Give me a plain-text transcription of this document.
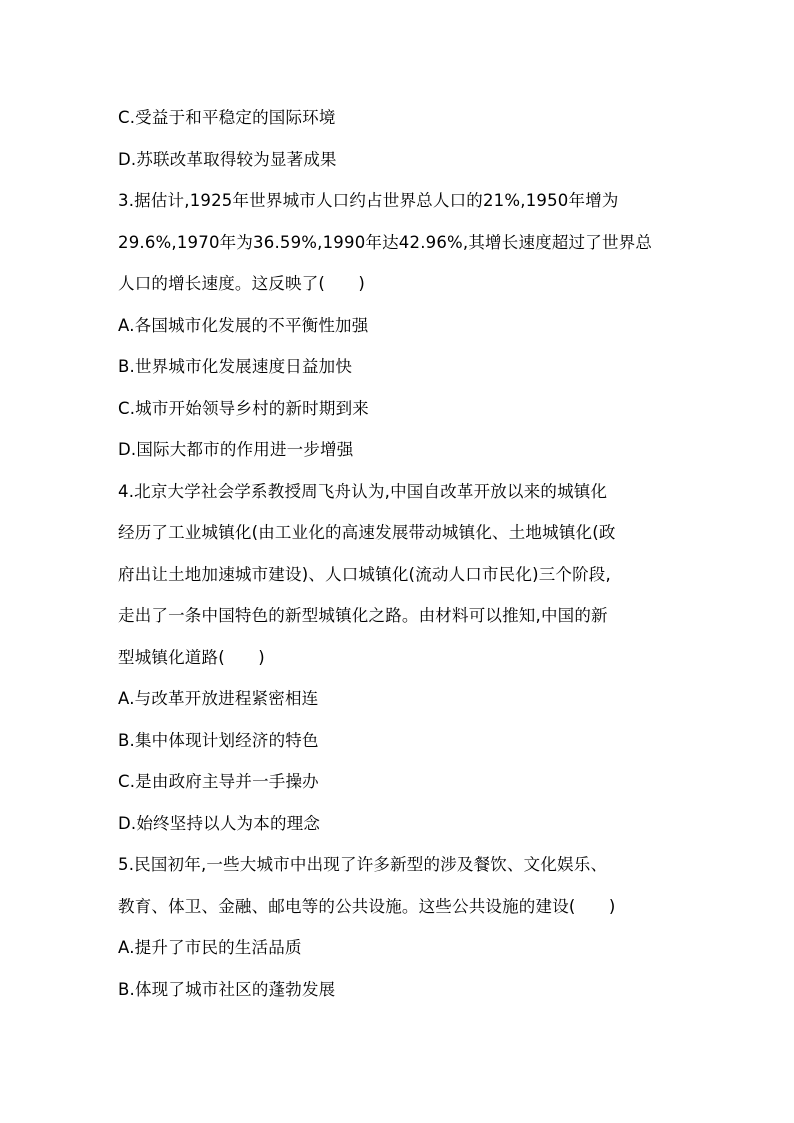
C.受益于和平稳定的国际环境
D.苏联改革取得较为显著成果
3.据估计,1925年世界城市人口约占世界总人口的21%,1950年增为
29.6%,1970年为36.59%,1990年达42.96%,其增长速度超过了世界总
人口的增长速度。这反映了(　　)
A.各国城市化发展的不平衡性加强
B.世界城市化发展速度日益加快
C.城市开始领导乡村的新时期到来
D.国际大都市的作用进一步增强
4.北京大学社会学系教授周飞舟认为,中国自改革开放以来的城镇化
经历了工业城镇化(由工业化的高速发展带动城镇化、土地城镇化(政
府出让土地加速城市建设)、人口城镇化(流动人口市民化)三个阶段,
走出了一条中国特色的新型城镇化之路。由材料可以推知,中国的新
型城镇化道路(　　)
A.与改革开放进程紧密相连
B.集中体现计划经济的特色
C.是由政府主导并一手操办
D.始终坚持以人为本的理念
5.民国初年,一些大城市中出现了许多新型的涉及餐饮、文化娱乐、
教育、体卫、金融、邮电等的公共设施。这些公共设施的建设(　　)
A.提升了市民的生活品质
B.体现了城市社区的蓬勃发展
